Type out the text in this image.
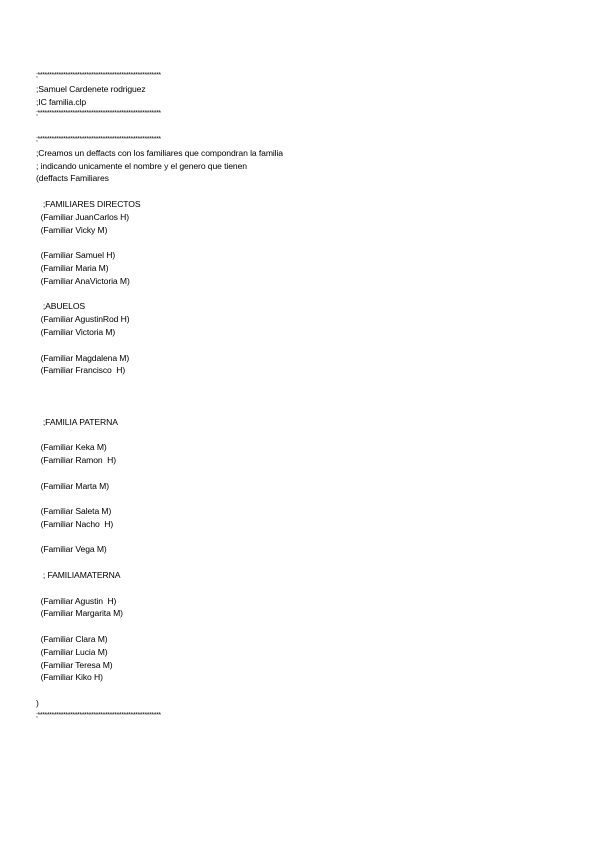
;*****************************************************
;Samuel Cardenete rodriguez
;IC familia.clp
;*****************************************************
;*****************************************************
;Creamos un deffacts con los familiares que compondran la familia
; indicando unicamente el nombre y el genero que tienen
(deffacts Familiares
;FAMILIARES DIRECTOS
(Familiar JuanCarlos H)
(Familiar Vicky M)
(Familiar Samuel H)
(Familiar Maria M)
(Familiar AnaVictoria M)
;ABUELOS
(Familiar AgustinRod H)
(Familiar Victoria M)
(Familiar Magdalena M)
(Familiar Francisco  H)
;FAMILIA PATERNA
(Familiar Keka M)
(Familiar Ramon  H)
(Familiar Marta M)
(Familiar Saleta M)
(Familiar Nacho  H)
(Familiar Vega M)
; FAMILIAMATERNA
(Familiar Agustin  H)
(Familiar Margarita M)
(Familiar Clara M)
(Familiar Lucia M)
(Familiar Teresa M)
(Familiar Kiko H)
)
;*****************************************************
